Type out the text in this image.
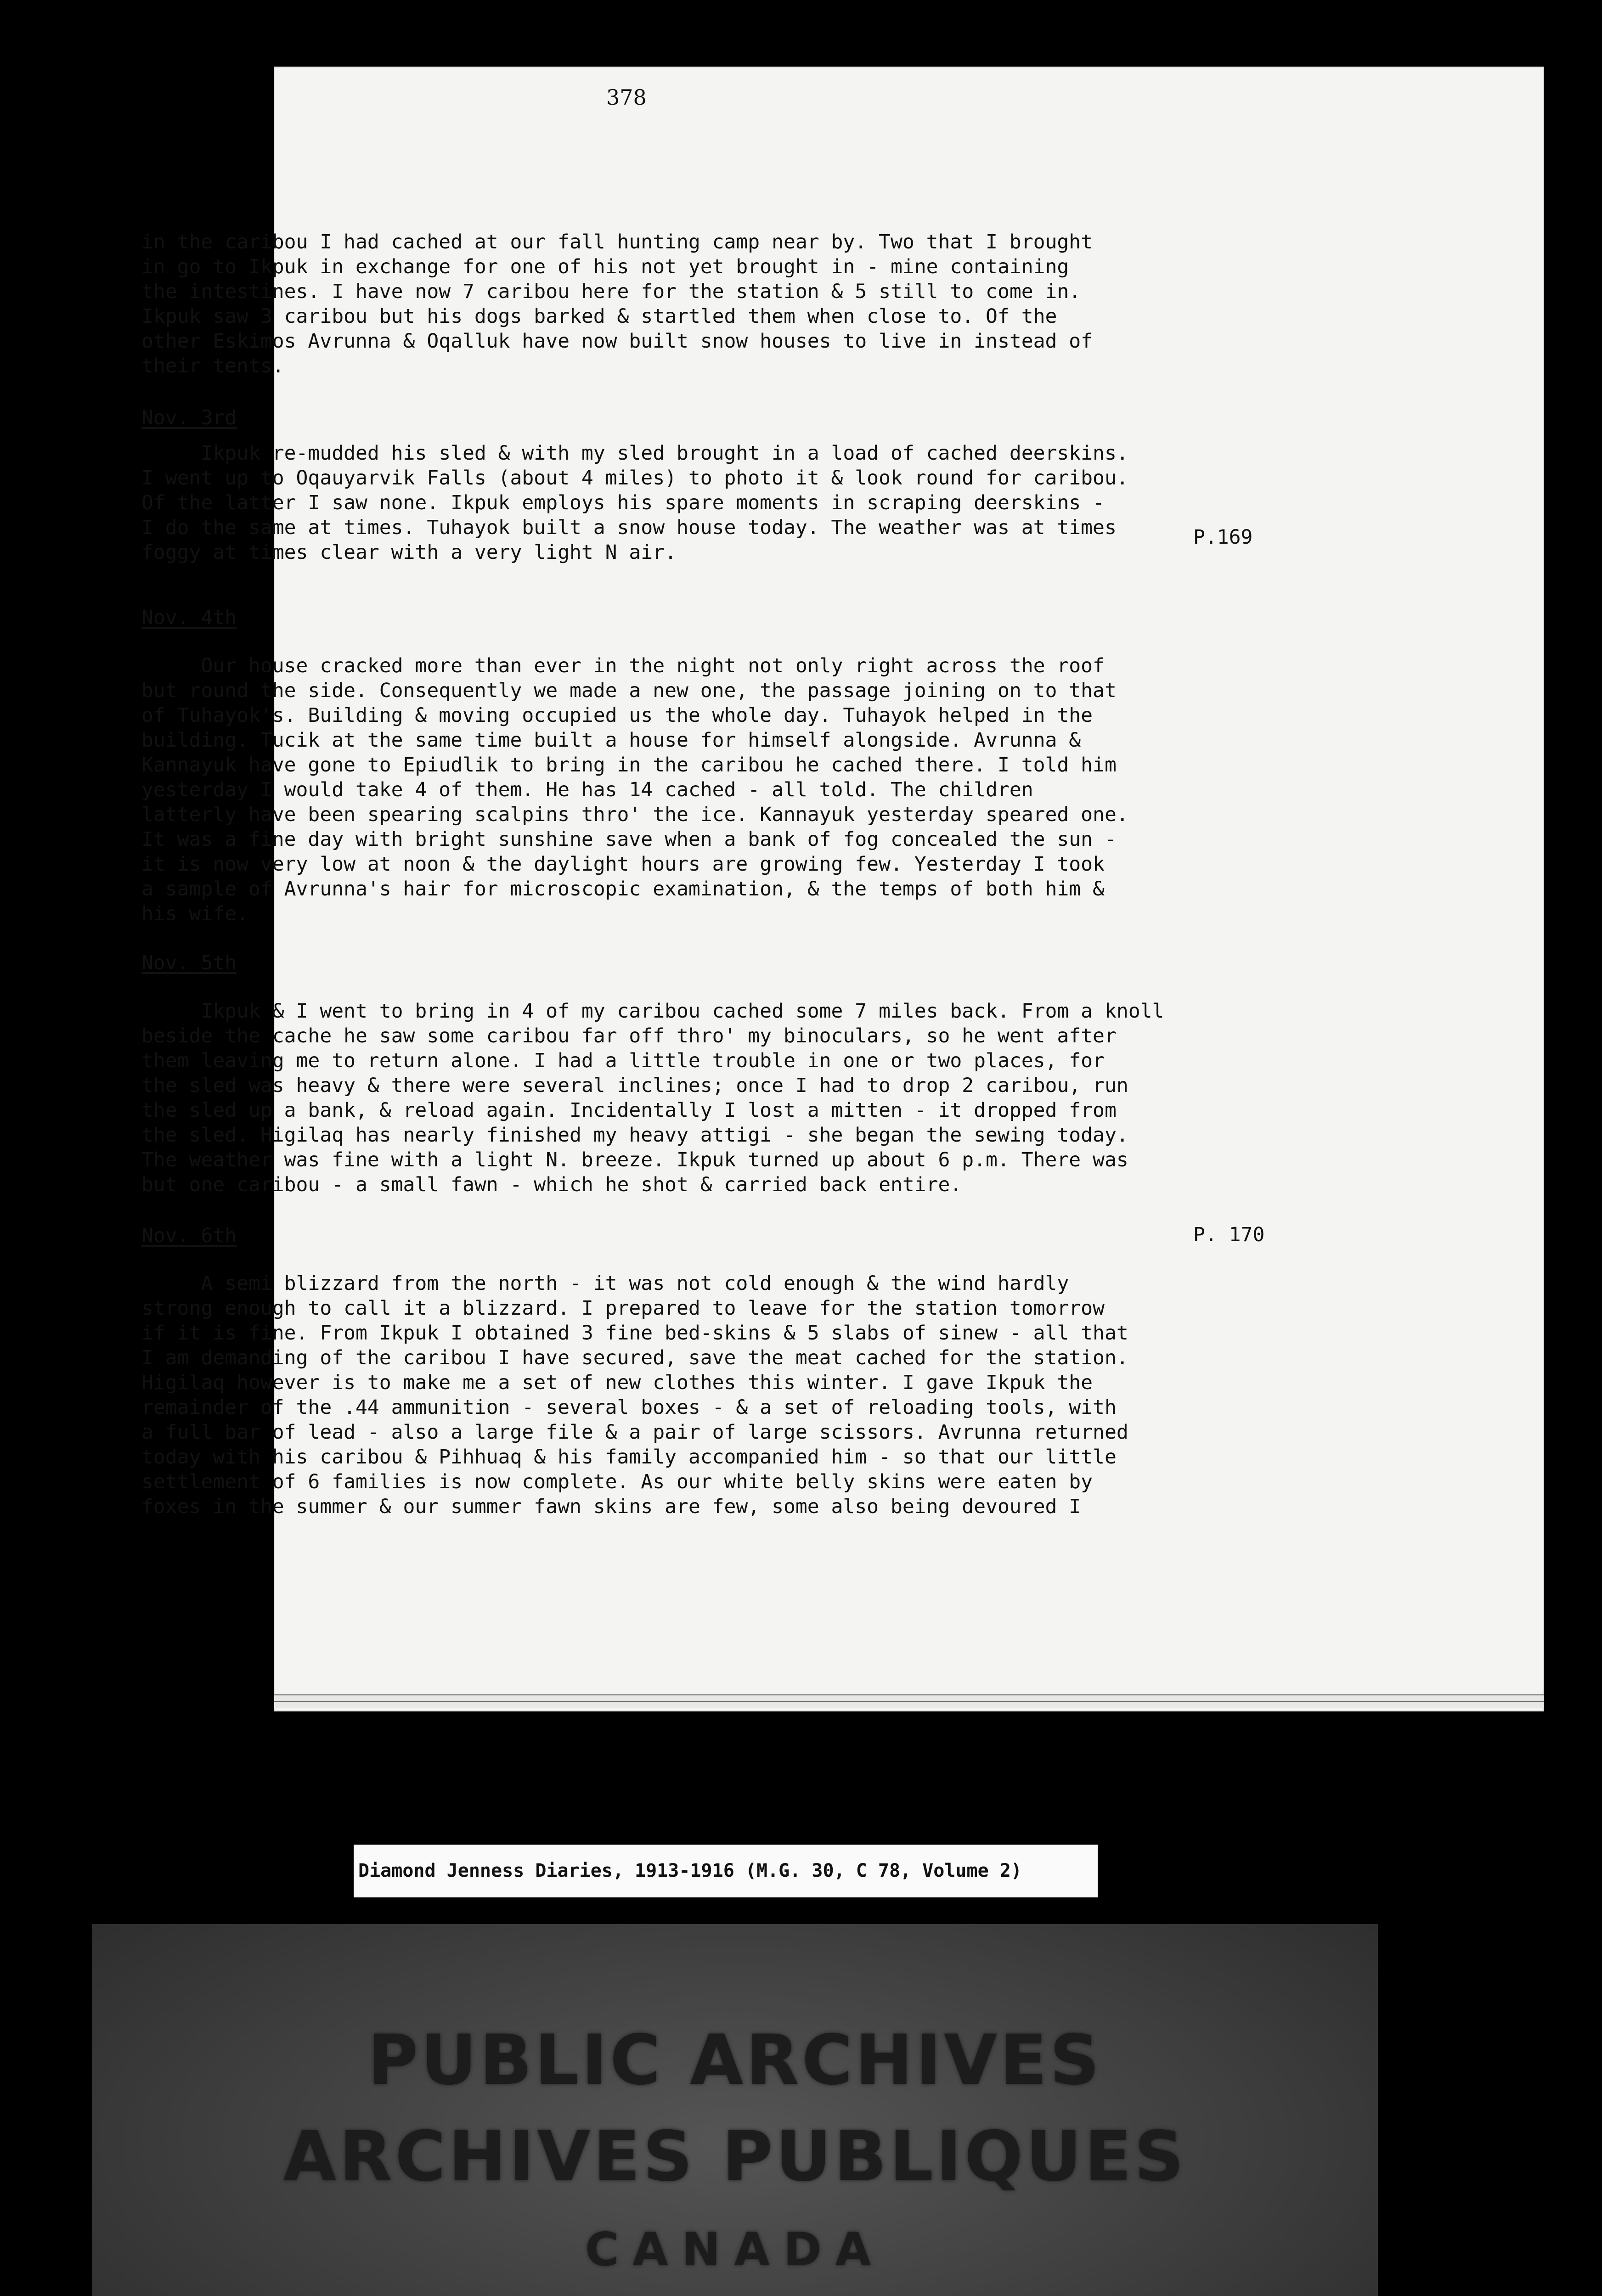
378
in the caribou I had cached at our fall hunting camp near by. Two that I brought
in go to Ikpuk in exchange for one of his not yet brought in - mine containing
the intestines. I have now 7 caribou here for the station & 5 still to come in.
Ikpuk saw 3 caribou but his dogs barked & startled them when close to. Of the
other Eskimos Avrunna & Oqalluk have now built snow houses to live in instead of
their tents.
Nov. 3rd
Ikpuk re-mudded his sled & with my sled brought in a load of cached deerskins.
I went up to Oqauyarvik Falls (about 4 miles) to photo it & look round for caribou.
Of the latter I saw none. Ikpuk employs his spare moments in scraping deerskins -
I do the same at times. Tuhayok built a snow house today. The weather was at times
foggy at times clear with a very light N air.
P.169
Nov. 4th
Our house cracked more than ever in the night not only right across the roof
but round the side. Consequently we made a new one, the passage joining on to that
of Tuhayok's. Building & moving occupied us the whole day. Tuhayok helped in the
building. Tucik at the same time built a house for himself alongside. Avrunna &
Kannayuk have gone to Epiudlik to bring in the caribou he cached there. I told him
yesterday I would take 4 of them. He has 14 cached - all told. The children
latterly have been spearing scalpins thro' the ice. Kannayuk yesterday speared one.
It was a fine day with bright sunshine save when a bank of fog concealed the sun -
it is now very low at noon & the daylight hours are growing few. Yesterday I took
a sample of Avrunna's hair for microscopic examination, & the temps of both him &
his wife.
Nov. 5th
Ikpuk & I went to bring in 4 of my caribou cached some 7 miles back. From a knoll
beside the cache he saw some caribou far off thro' my binoculars, so he went after
them leaving me to return alone. I had a little trouble in one or two places, for
the sled was heavy & there were several inclines; once I had to drop 2 caribou, run
the sled up a bank, & reload again. Incidentally I lost a mitten - it dropped from
the sled. Higilaq has nearly finished my heavy attigi - she began the sewing today.
The weather was fine with a light N. breeze. Ikpuk turned up about 6 p.m. There was
but one caribou - a small fawn - which he shot & carried back entire.
Nov. 6th	P. 170
A semi blizzard from the north - it was not cold enough & the wind hardly
strong enough to call it a blizzard. I prepared to leave for the station tomorrow
if it is fine. From Ikpuk I obtained 3 fine bed-skins & 5 slabs of sinew - all that
I am demanding of the caribou I have secured, save the meat cached for the station.
Higilaq however is to make me a set of new clothes this winter. I gave Ikpuk the
remainder of the .44 ammunition - several boxes - & a set of reloading tools, with
a full bar of lead - also a large file & a pair of large scissors. Avrunna returned
today with his caribou & Pihhuaq & his family accompanied him - so that our little
settlement of 6 families is now complete. As our white belly skins were eaten by
foxes in the summer & our summer fawn skins are few, some also being devoured I
Diamond Jenness Diaries, 1913-1916 (M.G. 30, C 78, Volume 2)
PUBLIC ARCHIVES
ARCHIVES PUBLIQUES
CANADA
